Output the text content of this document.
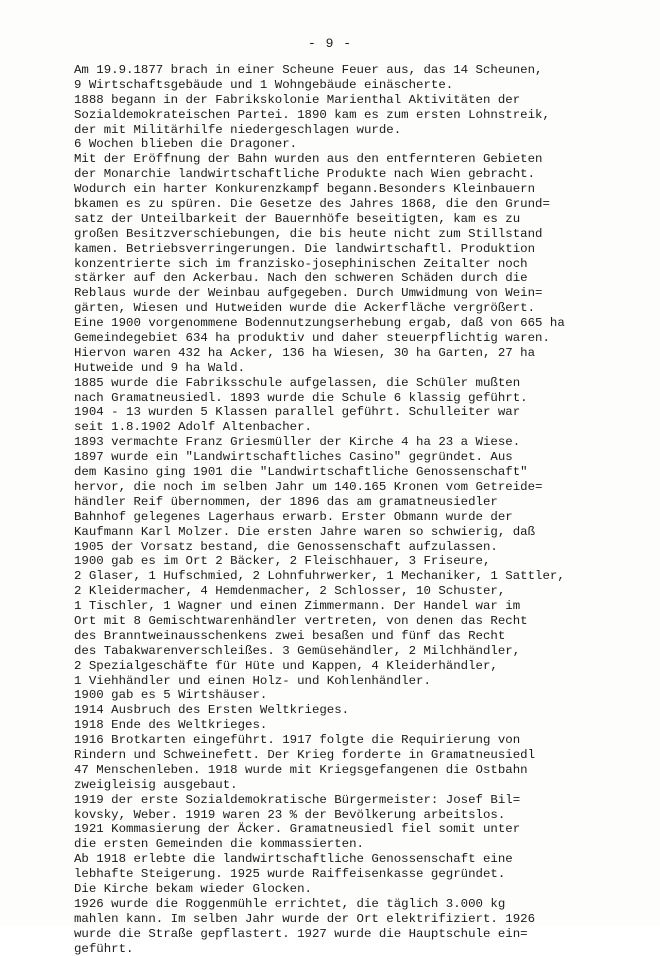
- 9 -
Am 19.9.1877 brach in einer Scheune Feuer aus, das 14 Scheunen,
9 Wirtschaftsgebäude und 1 Wohngebäude einäscherte.
1888 begann in der Fabrikskolonie Marienthal Aktivitäten der
Sozialdemokrateischen Partei. 1890 kam es zum ersten Lohnstreik,
der mit Militärhilfe niedergeschlagen wurde.
6 Wochen blieben die Dragoner.
Mit der Eröffnung der Bahn wurden aus den entfernteren Gebieten
der Monarchie landwirtschaftliche Produkte nach Wien gebracht.
Wodurch ein harter Konkurenzkampf begann.Besonders Kleinbauern
bkamen es zu spüren. Die Gesetze des Jahres 1868, die den Grund=
satz der Unteilbarkeit der Bauernhöfe beseitigten, kam es zu
großen Besitzverschiebungen, die bis heute nicht zum Stillstand
kamen. Betriebsverringerungen. Die landwirtschaftl. Produktion
konzentrierte sich im franzisko-josephinischen Zeitalter noch
stärker auf den Ackerbau. Nach den schweren Schäden durch die
Reblaus wurde der Weinbau aufgegeben. Durch Umwidmung von Wein=
gärten, Wiesen und Hutweiden wurde die Ackerfläche vergrößert.
Eine 1900 vorgenommene Bodennutzungserhebung ergab, daß von 665 ha
Gemeindegebiet 634 ha produktiv und daher steuerpflichtig waren.
Hiervon waren 432 ha Acker, 136 ha Wiesen, 30 ha Garten, 27 ha
Hutweide und 9 ha Wald.
1885 wurde die Fabriksschule aufgelassen, die Schüler mußten
nach Gramatneusiedl. 1893 wurde die Schule 6 klassig geführt.
1904 - 13 wurden 5 Klassen parallel geführt. Schulleiter war
seit 1.8.1902 Adolf Altenbacher.
1893 vermachte Franz Griesmüller der Kirche 4 ha 23 a Wiese.
1897 wurde ein "Landwirtschaftliches Casino" gegründet. Aus
dem Kasino ging 1901 die "Landwirtschaftliche Genossenschaft"
hervor, die noch im selben Jahr um 140.165 Kronen vom Getreide=
händler Reif übernommen, der 1896 das am gramatneusiedler
Bahnhof gelegenes Lagerhaus erwarb. Erster Obmann wurde der
Kaufmann Karl Molzer. Die ersten Jahre waren so schwierig, daß
1905 der Vorsatz bestand, die Genossenschaft aufzulassen.
1900 gab es im Ort 2 Bäcker, 2 Fleischhauer, 3 Friseure,
2 Glaser, 1 Hufschmied, 2 Lohnfuhrwerker, 1 Mechaniker, 1 Sattler,
2 Kleidermacher, 4 Hemdenmacher, 2 Schlosser, 10 Schuster,
1 Tischler, 1 Wagner und einen Zimmermann. Der Handel war im
Ort mit 8 Gemischtwarenhändler vertreten, von denen das Recht
des Branntweinausschenkens zwei besaßen und fünf das Recht
des Tabakwarenverschleißes. 3 Gemüsehändler, 2 Milchhändler,
2 Spezialgeschäfte für Hüte und Kappen, 4 Kleiderhändler,
1 Viehhändler und einen Holz- und Kohlenhändler.
1900 gab es 5 Wirtshäuser.
1914 Ausbruch des Ersten Weltkrieges.
1918 Ende des Weltkrieges.
1916 Brotkarten eingeführt. 1917 folgte die Requirierung von
Rindern und Schweinefett. Der Krieg forderte in Gramatneusiedl
47 Menschenleben. 1918 wurde mit Kriegsgefangenen die Ostbahn
zweigleisig ausgebaut.
1919 der erste Sozialdemokratische Bürgermeister: Josef Bil=
kovsky, Weber. 1919 waren 23 % der Bevölkerung arbeitslos.
1921 Kommasierung der Äcker. Gramatneusiedl fiel somit unter
die ersten Gemeinden die kommassierten.
Ab 1918 erlebte die landwirtschaftliche Genossenschaft eine
lebhafte Steigerung. 1925 wurde Raiffeisenkasse gegründet.
Die Kirche bekam wieder Glocken.
1926 wurde die Roggenmühle errichtet, die täglich 3.000 kg
mahlen kann. Im selben Jahr wurde der Ort elektrifiziert. 1926
wurde die Straße gepflastert. 1927 wurde die Hauptschule ein=
geführt.
